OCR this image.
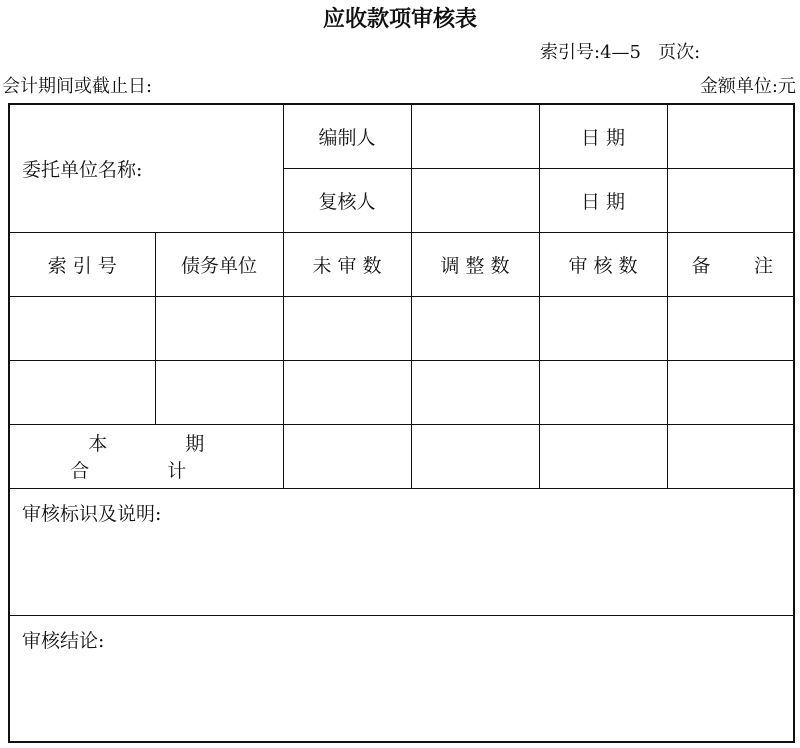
应收款项审核表
索引号:4—5   页次:
会计期间或截止日:	金额单位:元
委托单位名称:		编制人		日 期	
		复核人		日 期	
索 引 号	债务单位	未 审 数	调 整 数	审 核 数	备 注

本 期 合 计					
审核标识及说明:					
审核结论:					
